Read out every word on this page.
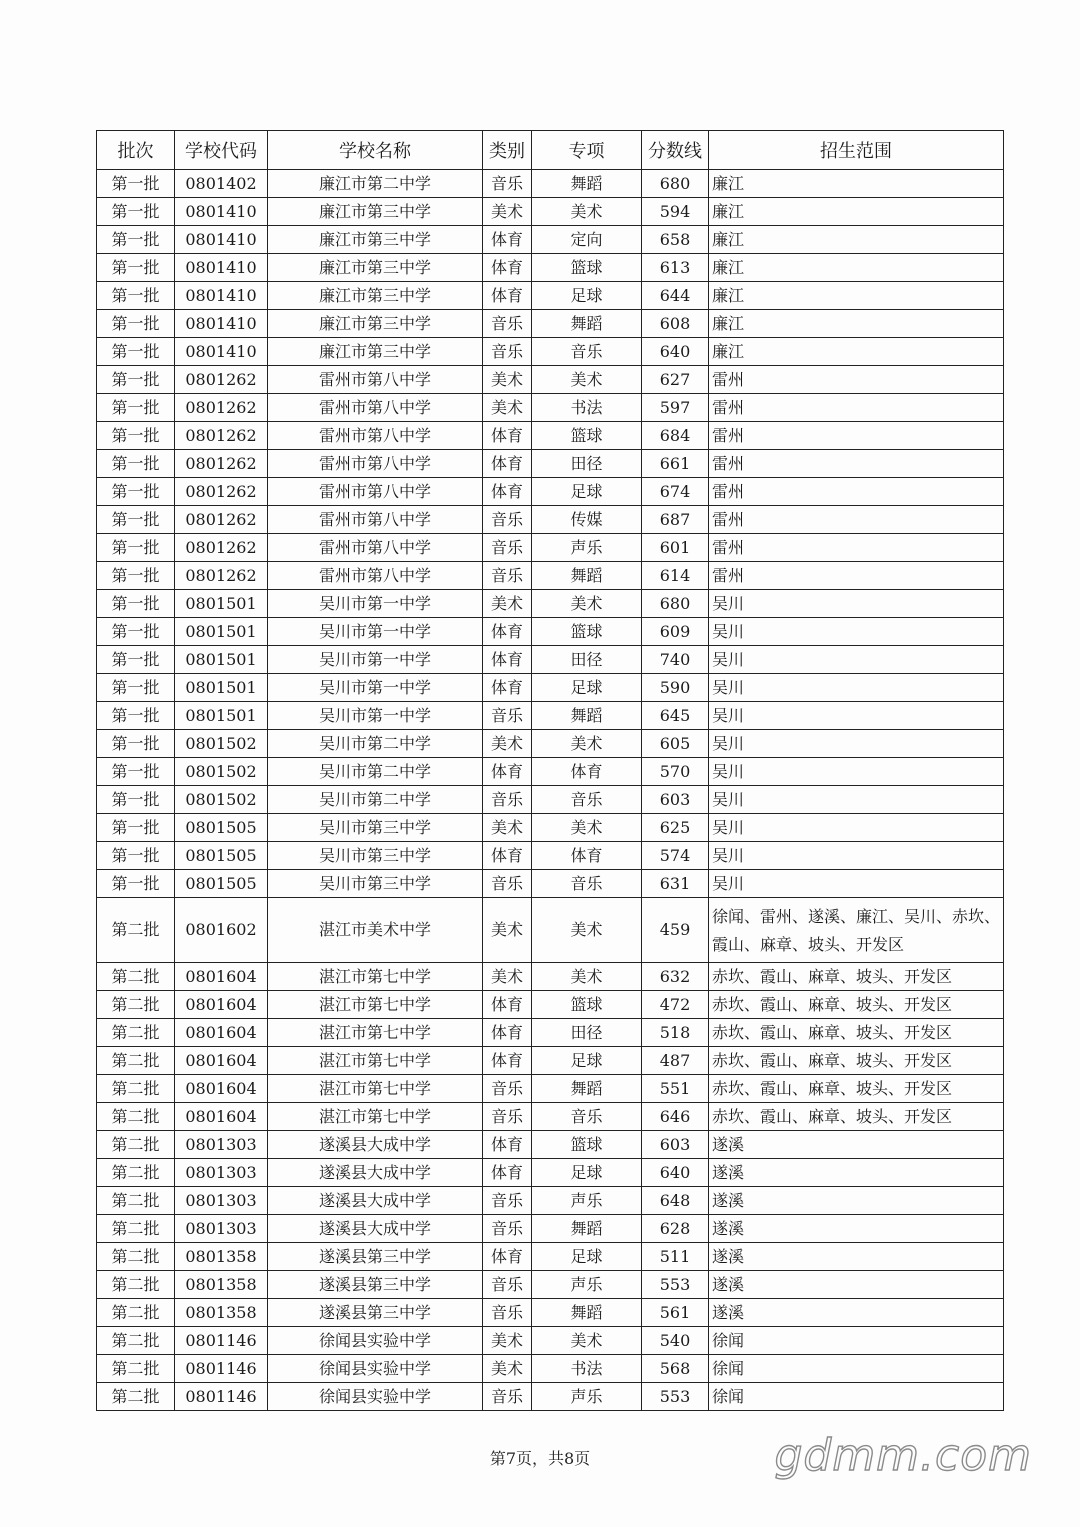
批次	学校代码	学校名称	类别	专项	分数线	招生范围
第一批	0801402	廉江市第二中学	音乐	舞蹈	680	廉江
第一批	0801410	廉江市第三中学	美术	美术	594	廉江
第一批	0801410	廉江市第三中学	体育	定向	658	廉江
第一批	0801410	廉江市第三中学	体育	篮球	613	廉江
第一批	0801410	廉江市第三中学	体育	足球	644	廉江
第一批	0801410	廉江市第三中学	音乐	舞蹈	608	廉江
第一批	0801410	廉江市第三中学	音乐	音乐	640	廉江
第一批	0801262	雷州市第八中学	美术	美术	627	雷州
第一批	0801262	雷州市第八中学	美术	书法	597	雷州
第一批	0801262	雷州市第八中学	体育	篮球	684	雷州
第一批	0801262	雷州市第八中学	体育	田径	661	雷州
第一批	0801262	雷州市第八中学	体育	足球	674	雷州
第一批	0801262	雷州市第八中学	音乐	传媒	687	雷州
第一批	0801262	雷州市第八中学	音乐	声乐	601	雷州
第一批	0801262	雷州市第八中学	音乐	舞蹈	614	雷州
第一批	0801501	吴川市第一中学	美术	美术	680	吴川
第一批	0801501	吴川市第一中学	体育	篮球	609	吴川
第一批	0801501	吴川市第一中学	体育	田径	740	吴川
第一批	0801501	吴川市第一中学	体育	足球	590	吴川
第一批	0801501	吴川市第一中学	音乐	舞蹈	645	吴川
第一批	0801502	吴川市第二中学	美术	美术	605	吴川
第一批	0801502	吴川市第二中学	体育	体育	570	吴川
第一批	0801502	吴川市第二中学	音乐	音乐	603	吴川
第一批	0801505	吴川市第三中学	美术	美术	625	吴川
第一批	0801505	吴川市第三中学	体育	体育	574	吴川
第一批	0801505	吴川市第三中学	音乐	音乐	631	吴川
第二批	0801602	湛江市美术中学	美术	美术	459	徐闻、雷州、遂溪、廉江、吴川、赤坎、霞山、麻章、坡头、开发区
第二批	0801604	湛江市第七中学	美术	美术	632	赤坎、霞山、麻章、坡头、开发区
第二批	0801604	湛江市第七中学	体育	篮球	472	赤坎、霞山、麻章、坡头、开发区
第二批	0801604	湛江市第七中学	体育	田径	518	赤坎、霞山、麻章、坡头、开发区
第二批	0801604	湛江市第七中学	体育	足球	487	赤坎、霞山、麻章、坡头、开发区
第二批	0801604	湛江市第七中学	音乐	舞蹈	551	赤坎、霞山、麻章、坡头、开发区
第二批	0801604	湛江市第七中学	音乐	音乐	646	赤坎、霞山、麻章、坡头、开发区
第二批	0801303	遂溪县大成中学	体育	篮球	603	遂溪
第二批	0801303	遂溪县大成中学	体育	足球	640	遂溪
第二批	0801303	遂溪县大成中学	音乐	声乐	648	遂溪
第二批	0801303	遂溪县大成中学	音乐	舞蹈	628	遂溪
第二批	0801358	遂溪县第三中学	体育	足球	511	遂溪
第二批	0801358	遂溪县第三中学	音乐	声乐	553	遂溪
第二批	0801358	遂溪县第三中学	音乐	舞蹈	561	遂溪
第二批	0801146	徐闻县实验中学	美术	美术	540	徐闻
第二批	0801146	徐闻县实验中学	美术	书法	568	徐闻
第二批	0801146	徐闻县实验中学	音乐	声乐	553	徐闻
第7页，共8页	gdmm.com
